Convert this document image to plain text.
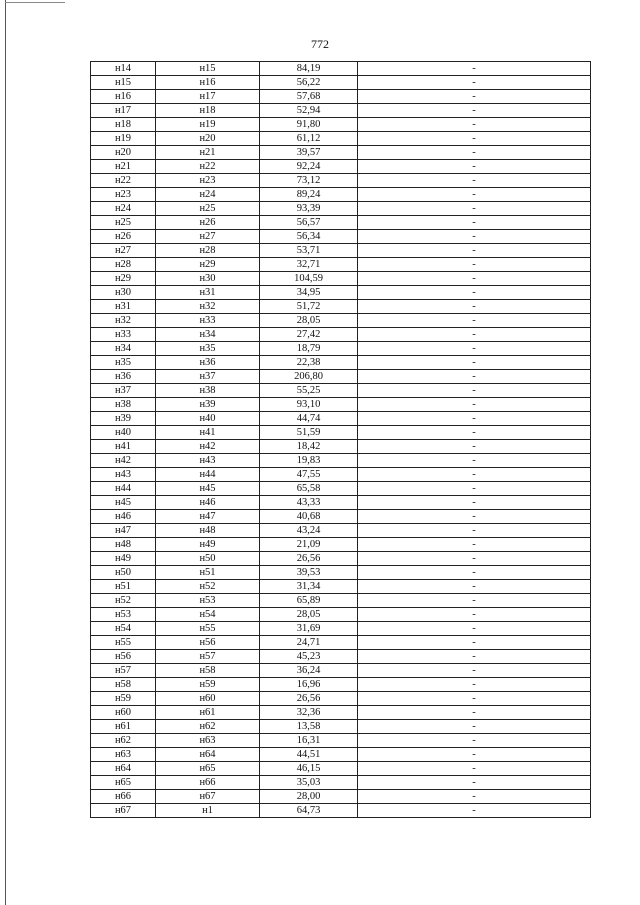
772
н14	н15	84,19	-
н15	н16	56,22	-
н16	н17	57,68	-
н17	н18	52,94	-
н18	н19	91,80	-
н19	н20	61,12	-
н20	н21	39,57	-
н21	н22	92,24	-
н22	н23	73,12	-
н23	н24	89,24	-
н24	н25	93,39	-
н25	н26	56,57	-
н26	н27	56,34	-
н27	н28	53,71	-
н28	н29	32,71	-
н29	н30	104,59	-
н30	н31	34,95	-
н31	н32	51,72	-
н32	н33	28,05	-
н33	н34	27,42	-
н34	н35	18,79	-
н35	н36	22,38	-
н36	н37	206,80	-
н37	н38	55,25	-
н38	н39	93,10	-
н39	н40	44,74	-
н40	н41	51,59	-
н41	н42	18,42	-
н42	н43	19,83	-
н43	н44	47,55	-
н44	н45	65,58	-
н45	н46	43,33	-
н46	н47	40,68	-
н47	н48	43,24	-
н48	н49	21,09	-
н49	н50	26,56	-
н50	н51	39,53	-
н51	н52	31,34	-
н52	н53	65,89	-
н53	н54	28,05	-
н54	н55	31,69	-
н55	н56	24,71	-
н56	н57	45,23	-
н57	н58	36,24	-
н58	н59	16,96	-
н59	н60	26,56	-
н60	н61	32,36	-
н61	н62	13,58	-
н62	н63	16,31	-
н63	н64	44,51	-
н64	н65	46,15	-
н65	н66	35,03	-
н66	н67	28,00	-
н67	н1	64,73	-
